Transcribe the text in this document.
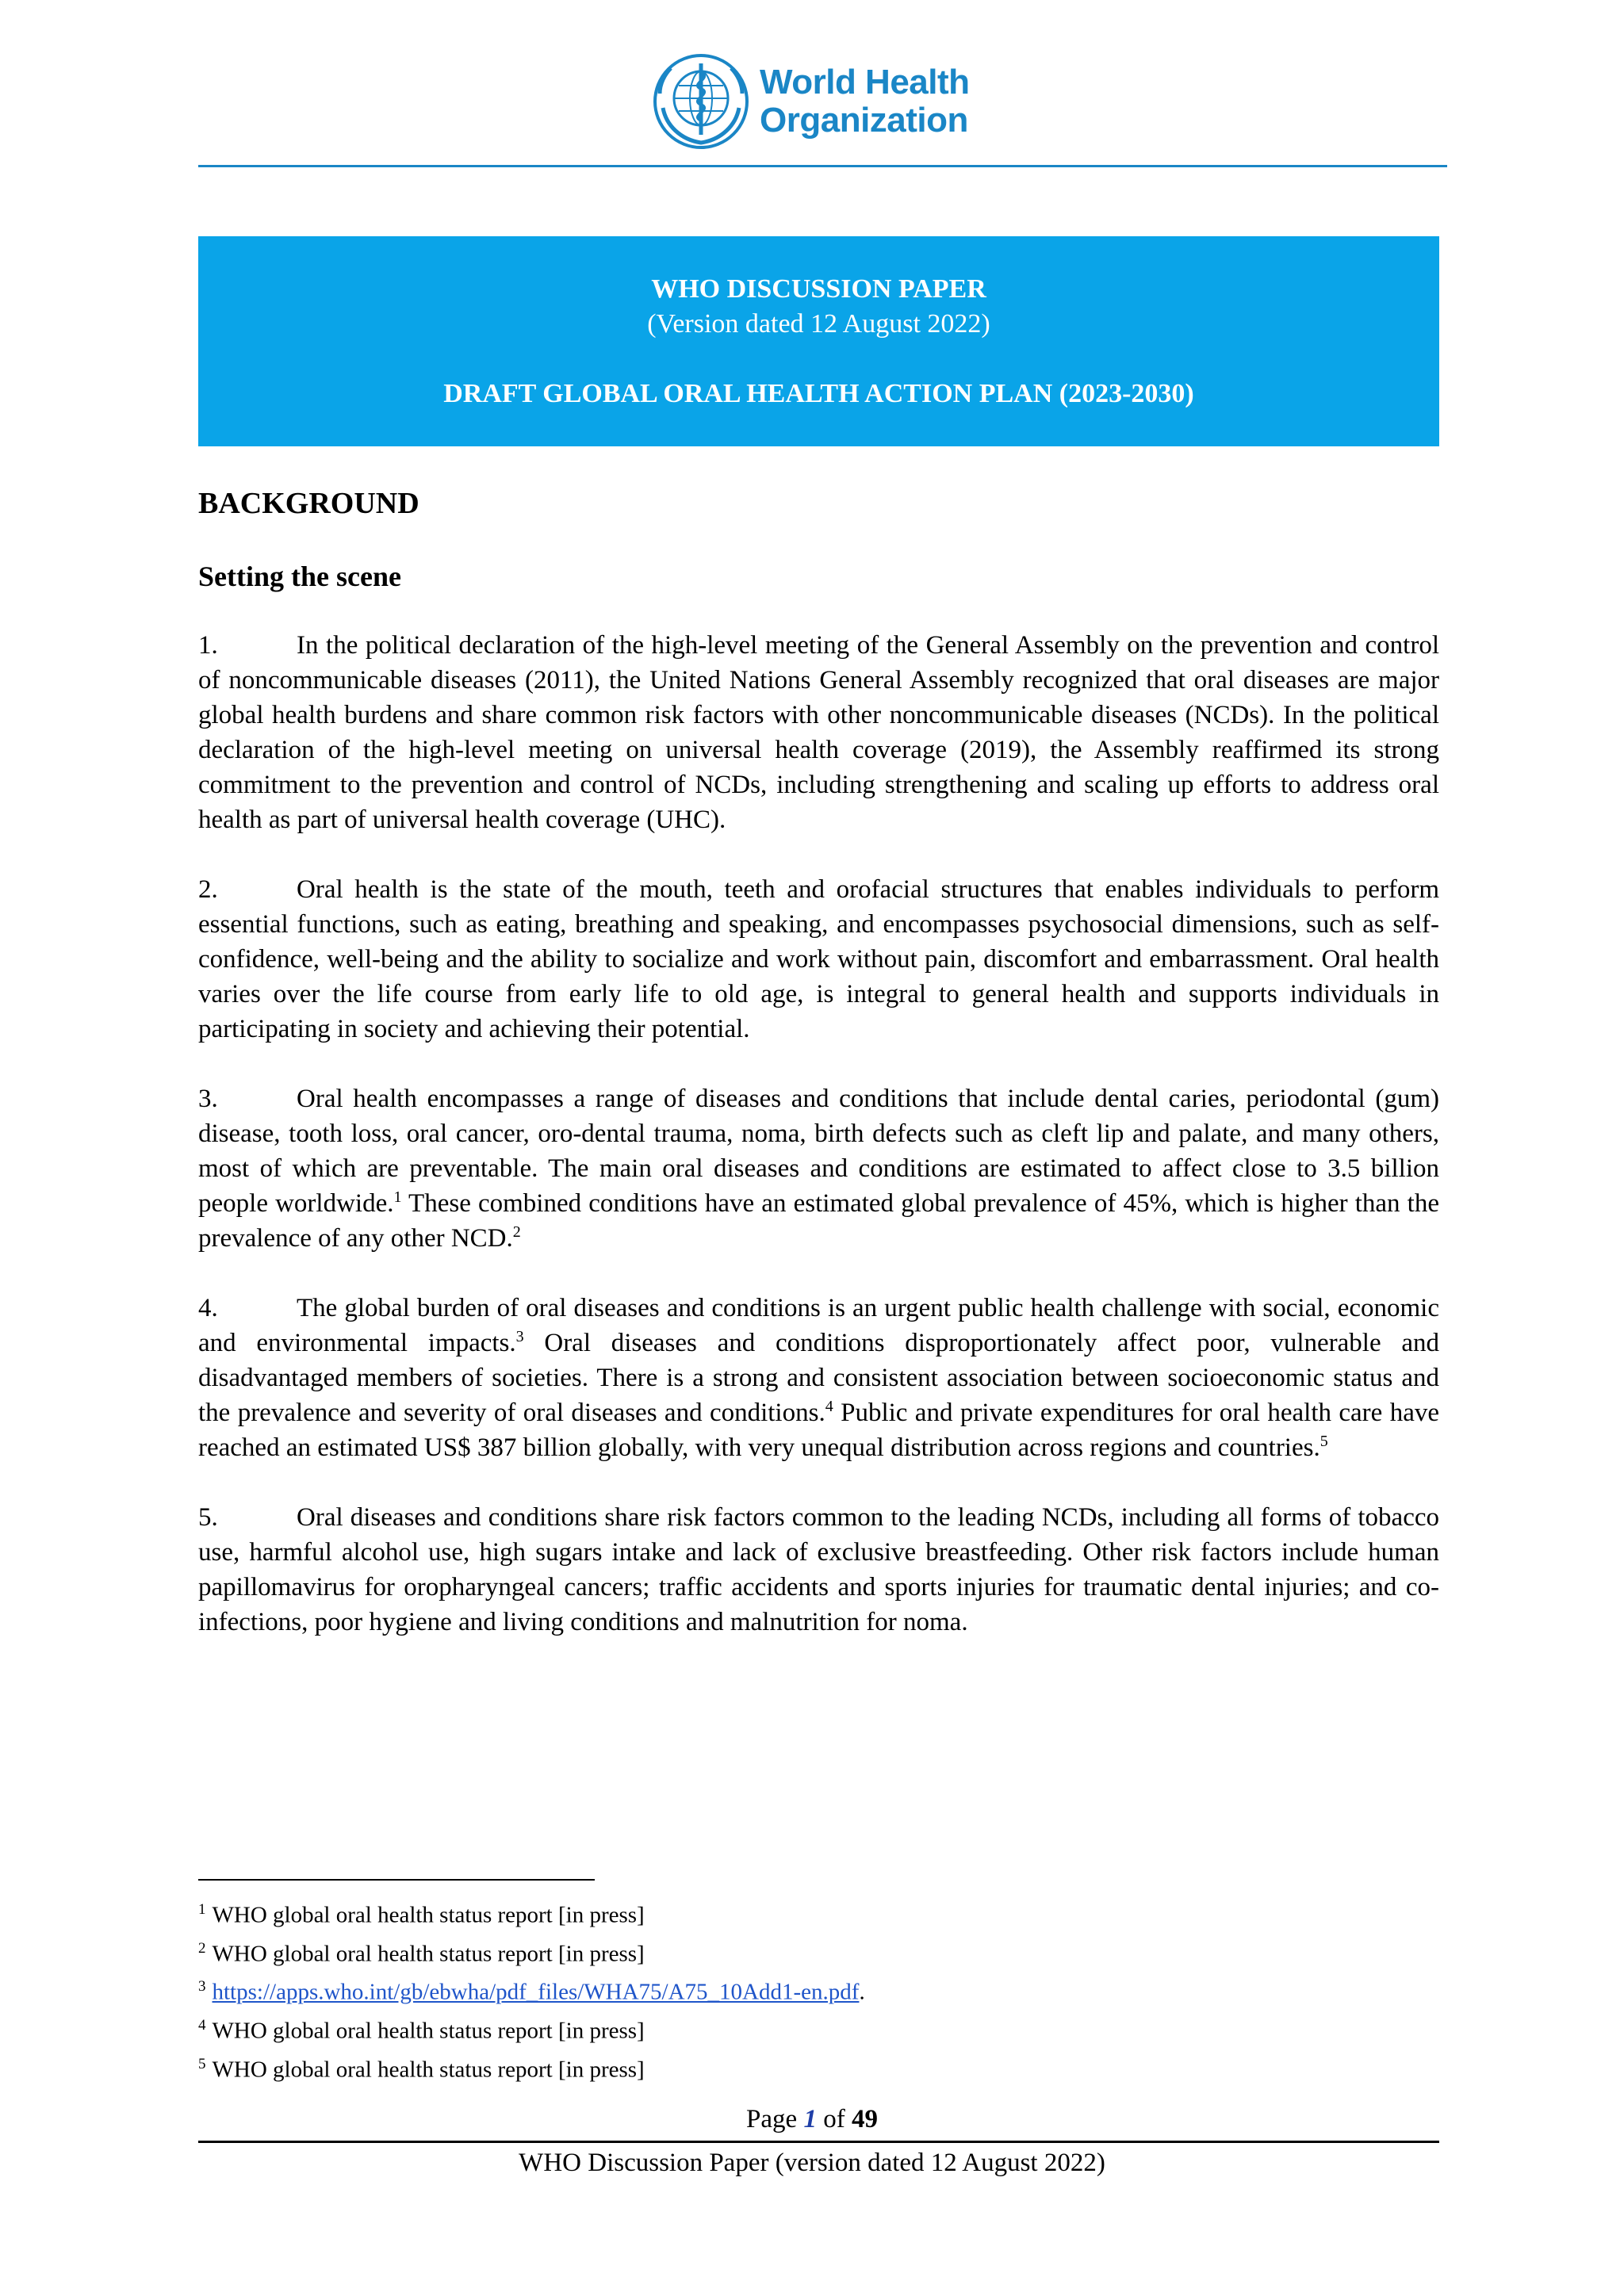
World Health
Organization
WHO DISCUSSION PAPER
(Version dated 12 August 2022)
DRAFT GLOBAL ORAL HEALTH ACTION PLAN (2023-2030)
BACKGROUND
Setting the scene

1.	In the political declaration of the high-level meeting of the General Assembly on the prevention and control of noncommunicable diseases (2011), the United Nations General Assembly recognized that oral diseases are major global health burdens and share common risk factors with other noncommunicable diseases (NCDs). In the political declaration of the high-level meeting on universal health coverage (2019), the Assembly reaffirmed its strong commitment to the prevention and control of NCDs, including strengthening and scaling up efforts to address oral health as part of universal health coverage (UHC).

2.	Oral health is the state of the mouth, teeth and orofacial structures that enables individuals to perform essential functions, such as eating, breathing and speaking, and encompasses psychosocial dimensions, such as self-confidence, well-being and the ability to socialize and work without pain, discomfort and embarrassment. Oral health varies over the life course from early life to old age, is integral to general health and supports individuals in participating in society and achieving their potential.

3.	Oral health encompasses a range of diseases and conditions that include dental caries, periodontal (gum) disease, tooth loss, oral cancer, oro-dental trauma, noma, birth defects such as cleft lip and palate, and many others, most of which are preventable. The main oral diseases and conditions are estimated to affect close to 3.5 billion people worldwide.$^1$ These combined conditions have an estimated global prevalence of 45%, which is higher than the prevalence of any other NCD.$^2$

4.	The global burden of oral diseases and conditions is an urgent public health challenge with social, economic and environmental impacts.$^3$ Oral diseases and conditions disproportionately affect poor, vulnerable and disadvantaged members of societies. There is a strong and consistent association between socioeconomic status and the prevalence and severity of oral diseases and conditions.$^4$ Public and private expenditures for oral health care have reached an estimated US$ 387 billion globally, with very unequal distribution across regions and countries.$^5$

5.	Oral diseases and conditions share risk factors common to the leading NCDs, including all forms of tobacco use, harmful alcohol use, high sugars intake and lack of exclusive breastfeeding. Other risk factors include human papillomavirus for oropharyngeal cancers; traffic accidents and sports injuries for traumatic dental injuries; and co-infections, poor hygiene and living conditions and malnutrition for noma.

$^1$ WHO global oral health status report [in press]
$^2$ WHO global oral health status report [in press]
$^3$ https://apps.who.int/gb/ebwha/pdf_files/WHA75/A75_10Add1-en.pdf.
$^4$ WHO global oral health status report [in press]
$^5$ WHO global oral health status report [in press]
Page 1 of 49
WHO Discussion Paper (version dated 12 August 2022)
